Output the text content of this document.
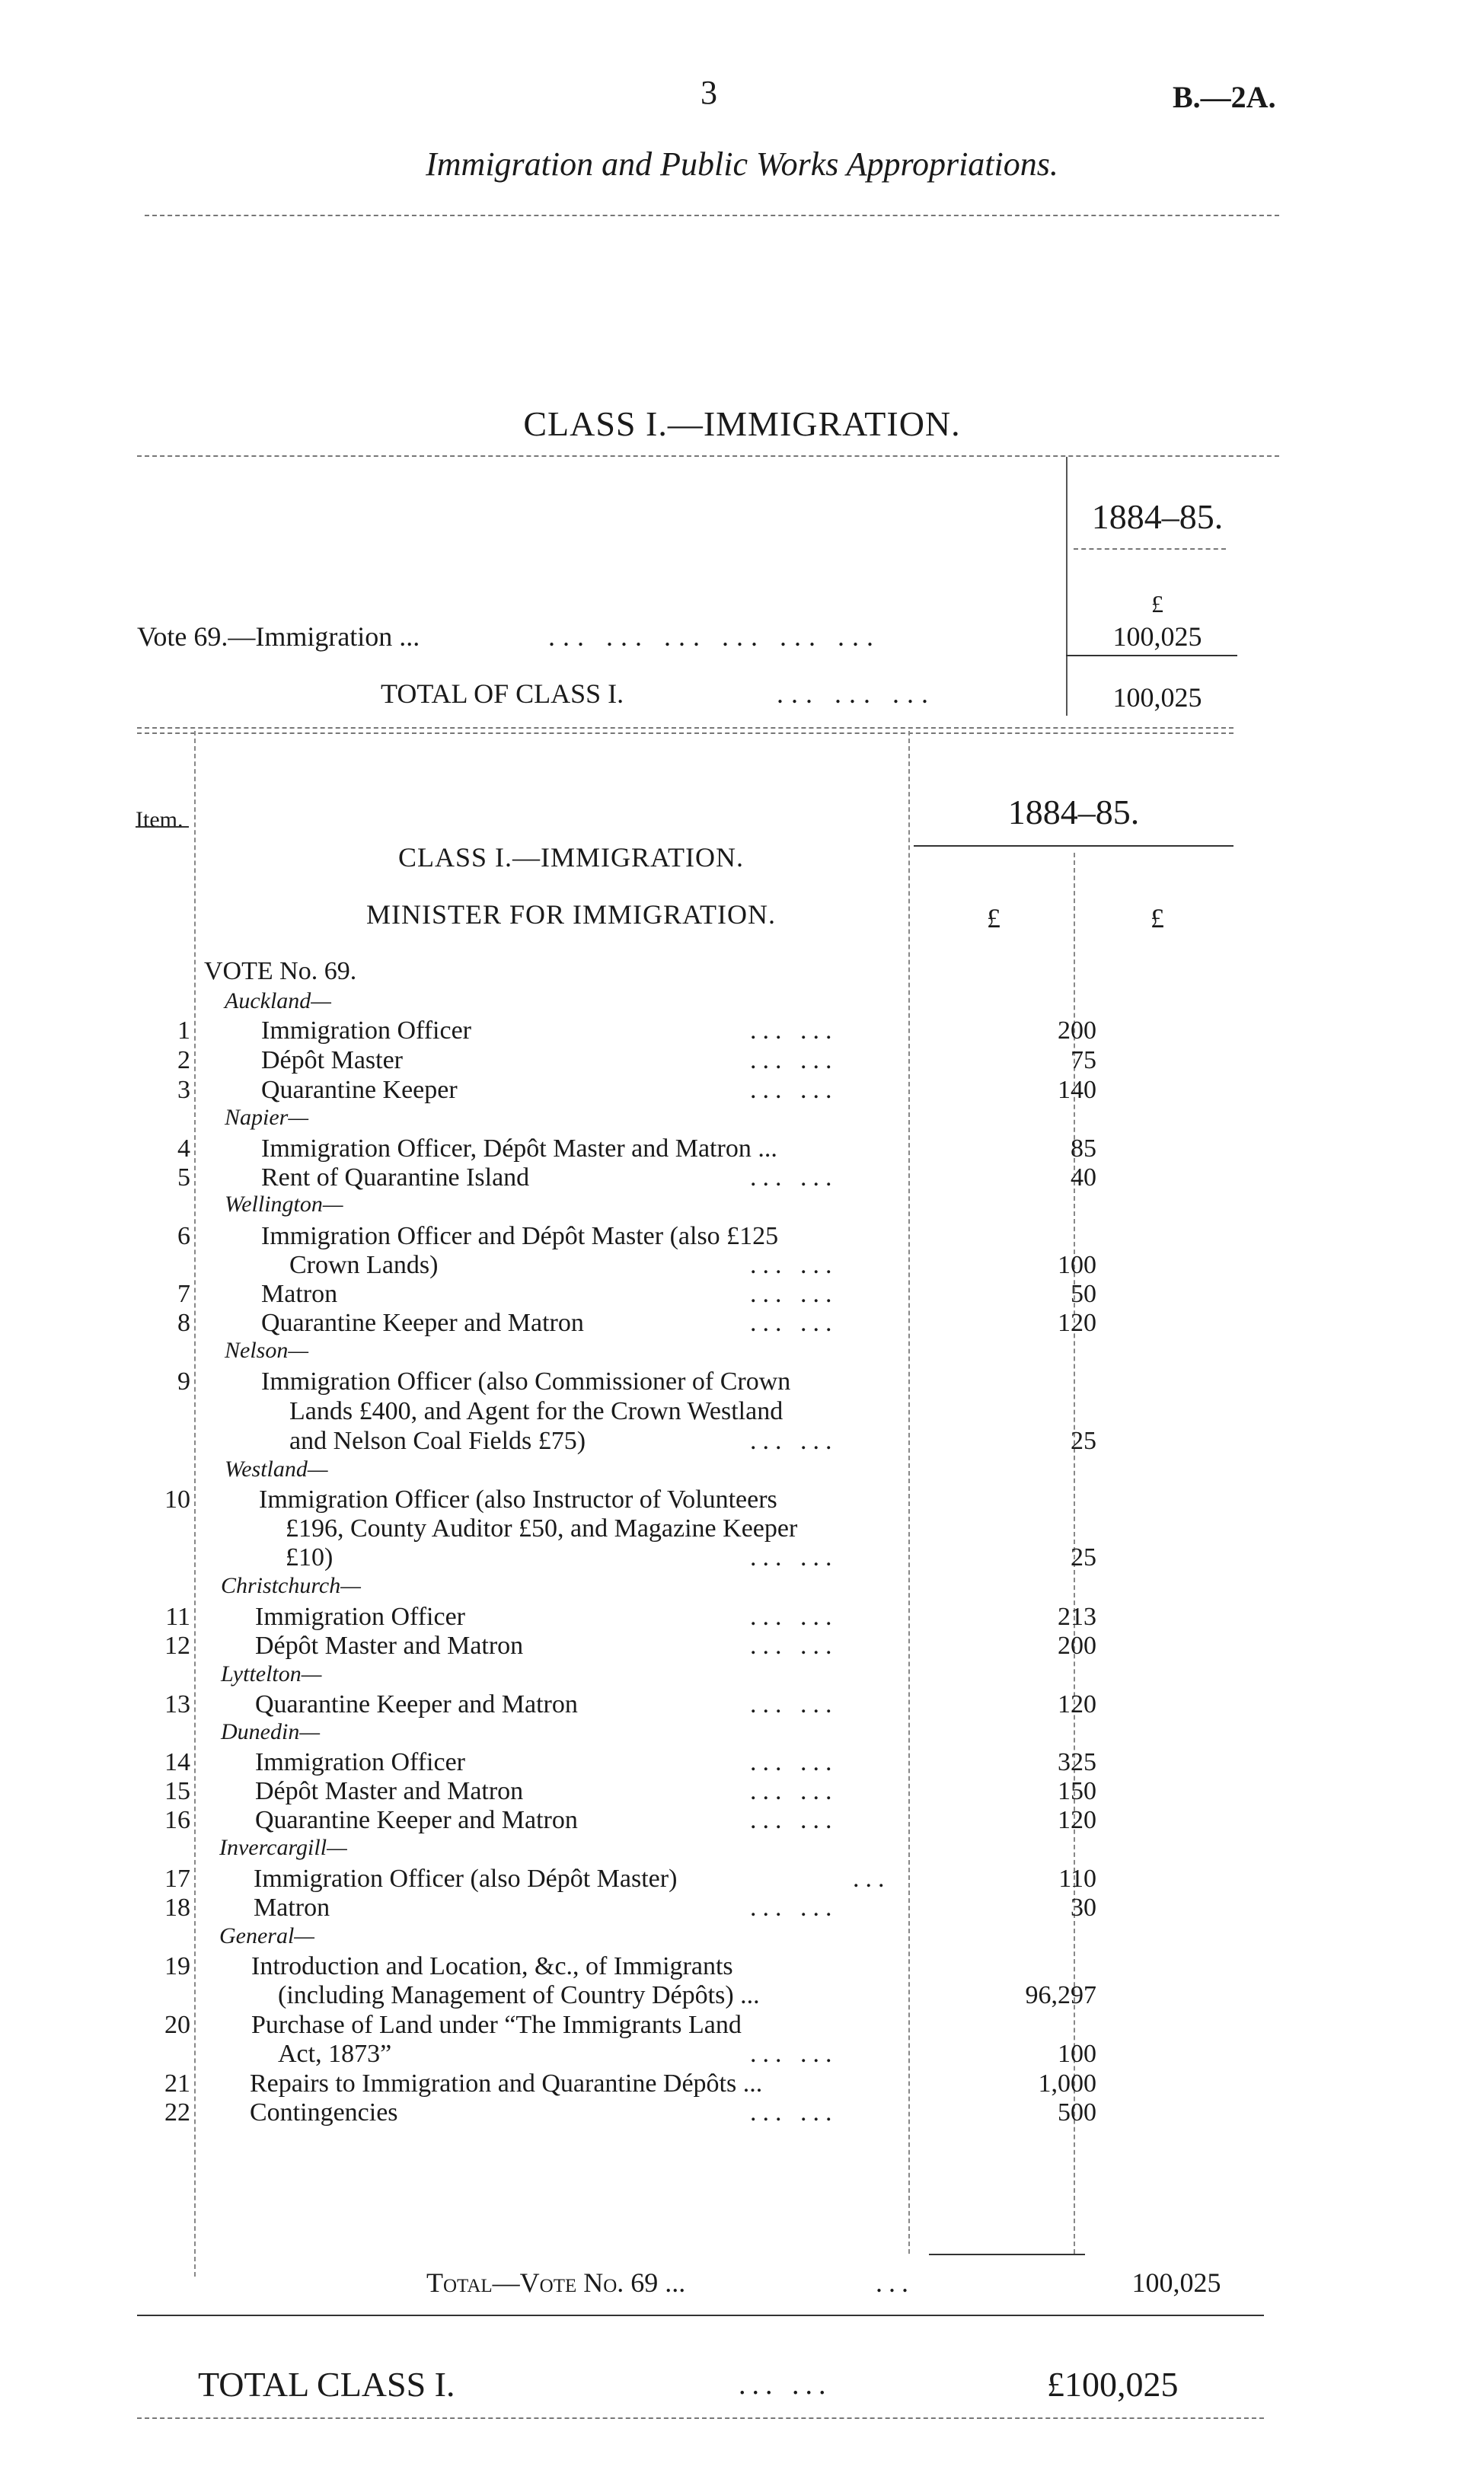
3	B.—2A.
Immigration and Public Works Appropriations.
CLASS I.—IMMIGRATION.
1884–85.
£
Vote 69.—Immigration ...	... ... ... ... ... ...	100,025
TOTAL OF CLASS I.	... ... ...	100,025
Item.	1884–85.
£	£
CLASS I.—IMMIGRATION.
MINISTER FOR IMMIGRATION.
VOTE No. 69.
Auckland—
Napier—
Wellington—
Nelson—
Westland—
Christchurch—
Lyttelton—
Dunedin—
Invercargill—
General—
1	Immigration Officer	... ...	200
2	Dépôt Master	... ...	75
3	Quarantine Keeper	... ...	140
4	Immigration Officer, Dépôt Master and Matron ...	85
5	Rent of Quarantine Island	... ...	40
6	Immigration Officer and Dépôt Master (also £125
Crown Lands)	... ...	100
7	Matron	... ...	50
8	Quarantine Keeper and Matron	... ...	120
9	Immigration Officer (also Commissioner of Crown
Lands £400, and Agent for the Crown Westland
and Nelson Coal Fields £75)	... ...	25
10	Immigration Officer (also Instructor of Volunteers
£196, County Auditor £50, and Magazine Keeper
£10)	... ...	25
11	Immigration Officer	... ...	213
12	Dépôt Master and Matron	... ...	200
13	Quarantine Keeper and Matron	... ...	120
14	Immigration Officer	... ...	325
15	Dépôt Master and Matron	... ...	150
16	Quarantine Keeper and Matron	... ...	120
17 Immigration Officer (also Dépôt Master)	...	110
18 Matron	... ...	30
19 Introduction and Location, &c., of Immigrants
(including Management of Country Dépôts) ...	96,297
20 Purchase of Land under “The Immigrants Land
Act, 1873”	... ...	100
21 Repairs to Immigration and Quarantine Dépôts ...	1,000
22 Contingencies	... ...	500
Total—Vote No. 69 ...	...	100,025
TOTAL CLASS I.	... ...	£100,025
